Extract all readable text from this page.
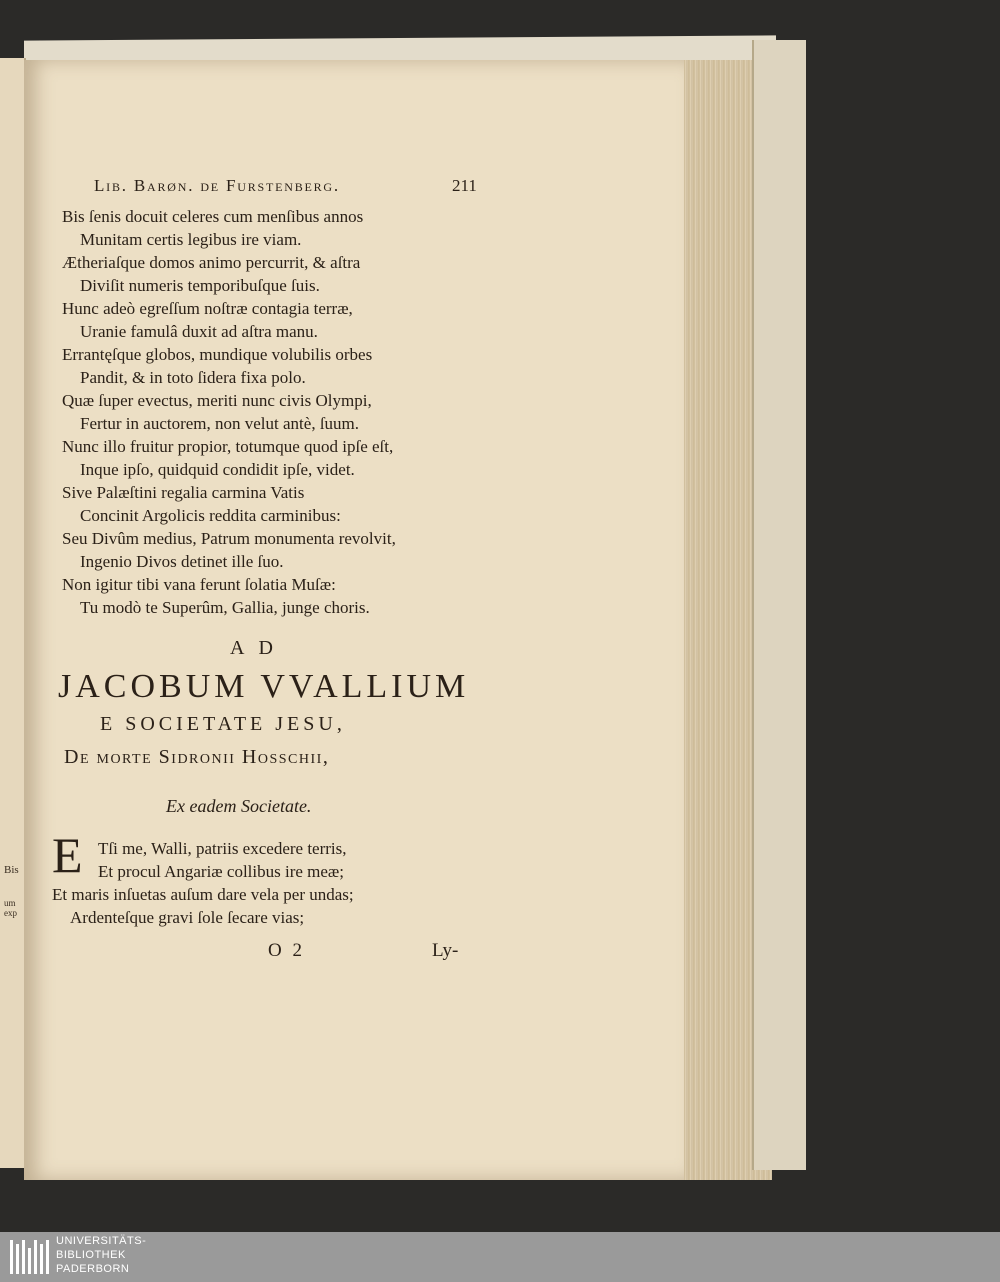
Bis
um exp
Lib. Barøn. de Furstenberg.	211
Bis ſenis docuit celeres cum menſibus annos
Munitam certis legibus ire viam.
Ætheriaſque domos animo percurrit, & aſtra
Diviſit numeris temporibuſque ſuis.
Hunc adeò egreſſum noſtræ contagia terræ,
Uranie famulâ duxit ad aſtra manu.
Errantęſque globos, mundique volubilis orbes
Pandit, & in toto ſidera fixa polo.
Quæ ſuper evectus, meriti nunc civis Olympi,
Fertur in auctorem, non velut antè, ſuum.
Nunc illo fruitur propior, totumque quod ipſe eſt,
Inque ipſo, quidquid condidit ipſe, videt.
Sive Palæſtini regalia carmina Vatis
Concinit Argolicis reddita carminibus:
Seu Divûm medius, Patrum monumenta revolvit,
Ingenio Divos detinet ille ſuo.
Non igitur tibi vana ferunt ſolatia Muſæ:
Tu modò te Superûm, Gallia, junge choris.
AD
JACOBUM VVALLIUM
E SOCIETATE JESU,
De morte Sidronii Hosschii,
Ex eadem Societate.
E Tſi me, Walli, patriis excedere terris,
Et procul Angariæ collibus ire meæ;
Et maris inſuetas auſum dare vela per undas;
Ardenteſque gravi ſole ſecare vias;
O 2	Ly-
UNIVERSITÄTS-
BIBLIOTHEK
PADERBORN
